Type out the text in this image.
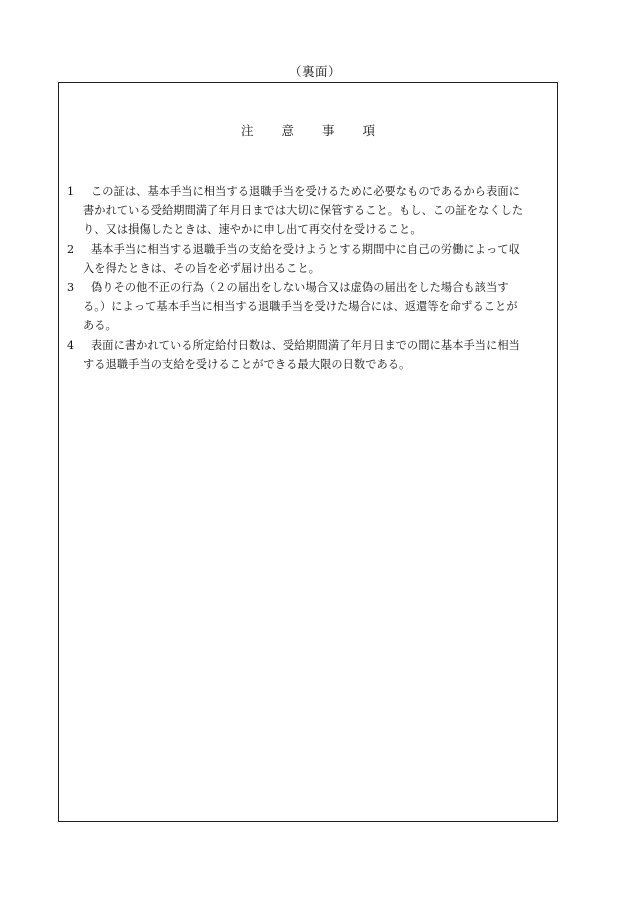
（裏面）
注 意 事 項
1	この証は、基本手当に相当する退職手当を受けるために必要なものであるから表面に
書かれている受給期間満了年月日までは大切に保管すること。もし、この証をなくした
り、又は損傷したときは、速やかに申し出て再交付を受けること。
2	基本手当に相当する退職手当の支給を受けようとする期間中に自己の労働によって収
入を得たときは、その旨を必ず届け出ること。
3	偽りその他不正の行為（２の届出をしない場合又は虚偽の届出をした場合も該当す
る。）によって基本手当に相当する退職手当を受けた場合には、返還等を命ずることが
ある。
4	表面に書かれている所定給付日数は、受給期間満了年月日までの間に基本手当に相当
する退職手当の支給を受けることができる最大限の日数である。
